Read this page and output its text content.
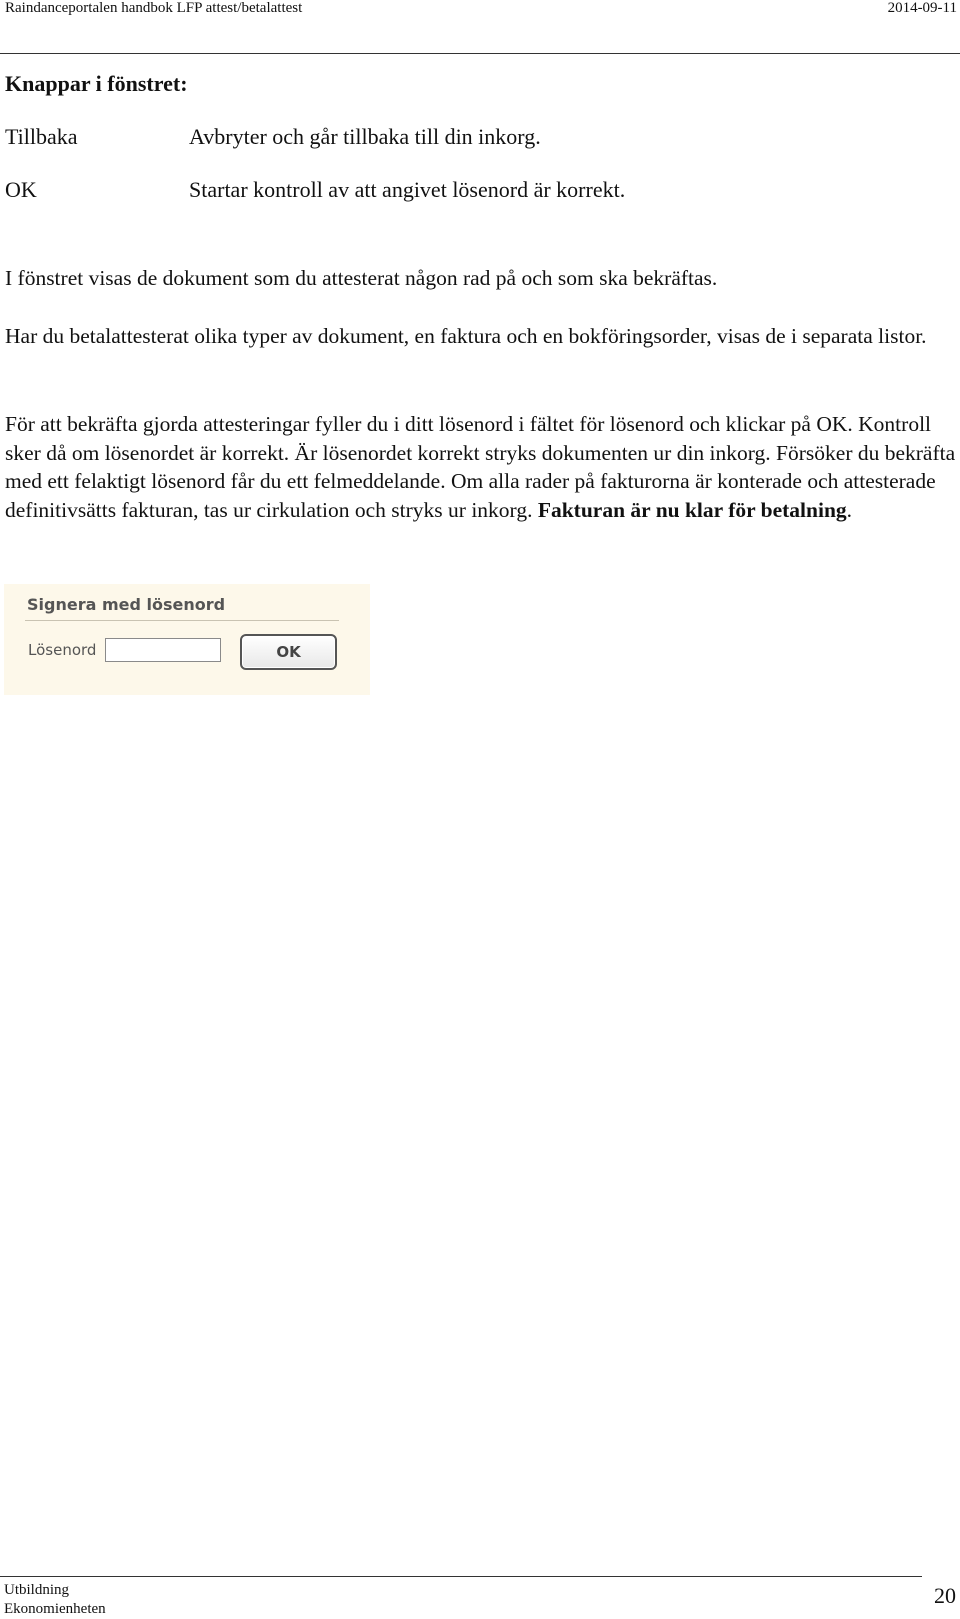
Raindanceportalen handbok LFP attest/betalattest	2014-09-11
Knappar i fönstret:
Tillbaka	Avbryter och går tillbaka till din inkorg.
OK	Startar kontroll av att angivet lösenord är korrekt.
I fönstret visas de dokument som du attesterat någon rad på och som ska bekräftas.
Har du betalattesterat olika typer av dokument, en faktura och en bokföringsorder, visas de i separata listor.
För att bekräfta gjorda attesteringar fyller du i ditt lösenord i fältet för lösenord och klickar på OK. Kontroll sker då om lösenordet är korrekt. Är lösenordet korrekt stryks dokumenten ur din inkorg. Försöker du bekräfta med ett felaktigt lösenord får du ett felmeddelande. Om alla rader på fakturorna är konterade och attesterade definitivsätts fakturan, tas ur cirkulation och stryks ur inkorg. Fakturan är nu klar för betalning.
Signera med lösenord
Lösenord	OK
Utbildning
Ekonomienheten
20
